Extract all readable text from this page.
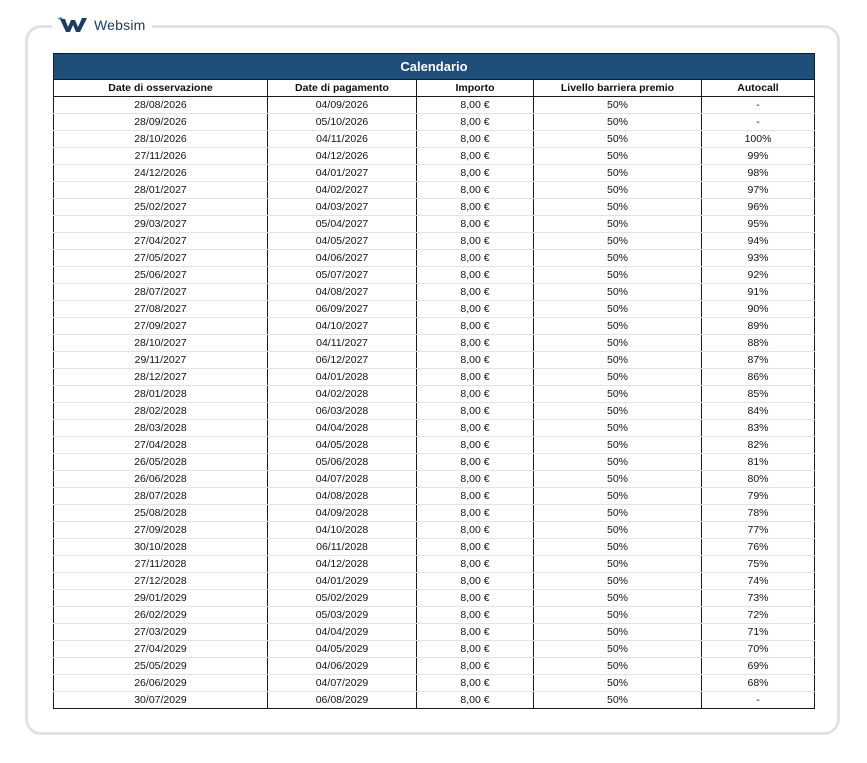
Websim
Calendario
Date di osservazione	Date di pagamento	Importo	Livello barriera premio	Autocall
28/08/2026	04/09/2026	8,00 €	50%	-
28/09/2026	05/10/2026	8,00 €	50%	-
28/10/2026	04/11/2026	8,00 €	50%	100%
27/11/2026	04/12/2026	8,00 €	50%	99%
24/12/2026	04/01/2027	8,00 €	50%	98%
28/01/2027	04/02/2027	8,00 €	50%	97%
25/02/2027	04/03/2027	8,00 €	50%	96%
29/03/2027	05/04/2027	8,00 €	50%	95%
27/04/2027	04/05/2027	8,00 €	50%	94%
27/05/2027	04/06/2027	8,00 €	50%	93%
25/06/2027	05/07/2027	8,00 €	50%	92%
28/07/2027	04/08/2027	8,00 €	50%	91%
27/08/2027	06/09/2027	8,00 €	50%	90%
27/09/2027	04/10/2027	8,00 €	50%	89%
28/10/2027	04/11/2027	8,00 €	50%	88%
29/11/2027	06/12/2027	8,00 €	50%	87%
28/12/2027	04/01/2028	8,00 €	50%	86%
28/01/2028	04/02/2028	8,00 €	50%	85%
28/02/2028	06/03/2028	8,00 €	50%	84%
28/03/2028	04/04/2028	8,00 €	50%	83%
27/04/2028	04/05/2028	8,00 €	50%	82%
26/05/2028	05/06/2028	8,00 €	50%	81%
26/06/2028	04/07/2028	8,00 €	50%	80%
28/07/2028	04/08/2028	8,00 €	50%	79%
25/08/2028	04/09/2028	8,00 €	50%	78%
27/09/2028	04/10/2028	8,00 €	50%	77%
30/10/2028	06/11/2028	8,00 €	50%	76%
27/11/2028	04/12/2028	8,00 €	50%	75%
27/12/2028	04/01/2029	8,00 €	50%	74%
29/01/2029	05/02/2029	8,00 €	50%	73%
26/02/2029	05/03/2029	8,00 €	50%	72%
27/03/2029	04/04/2029	8,00 €	50%	71%
27/04/2029	04/05/2029	8,00 €	50%	70%
25/05/2029	04/06/2029	8,00 €	50%	69%
26/06/2029	04/07/2029	8,00 €	50%	68%
30/07/2029	06/08/2029	8,00 €	50%	-
